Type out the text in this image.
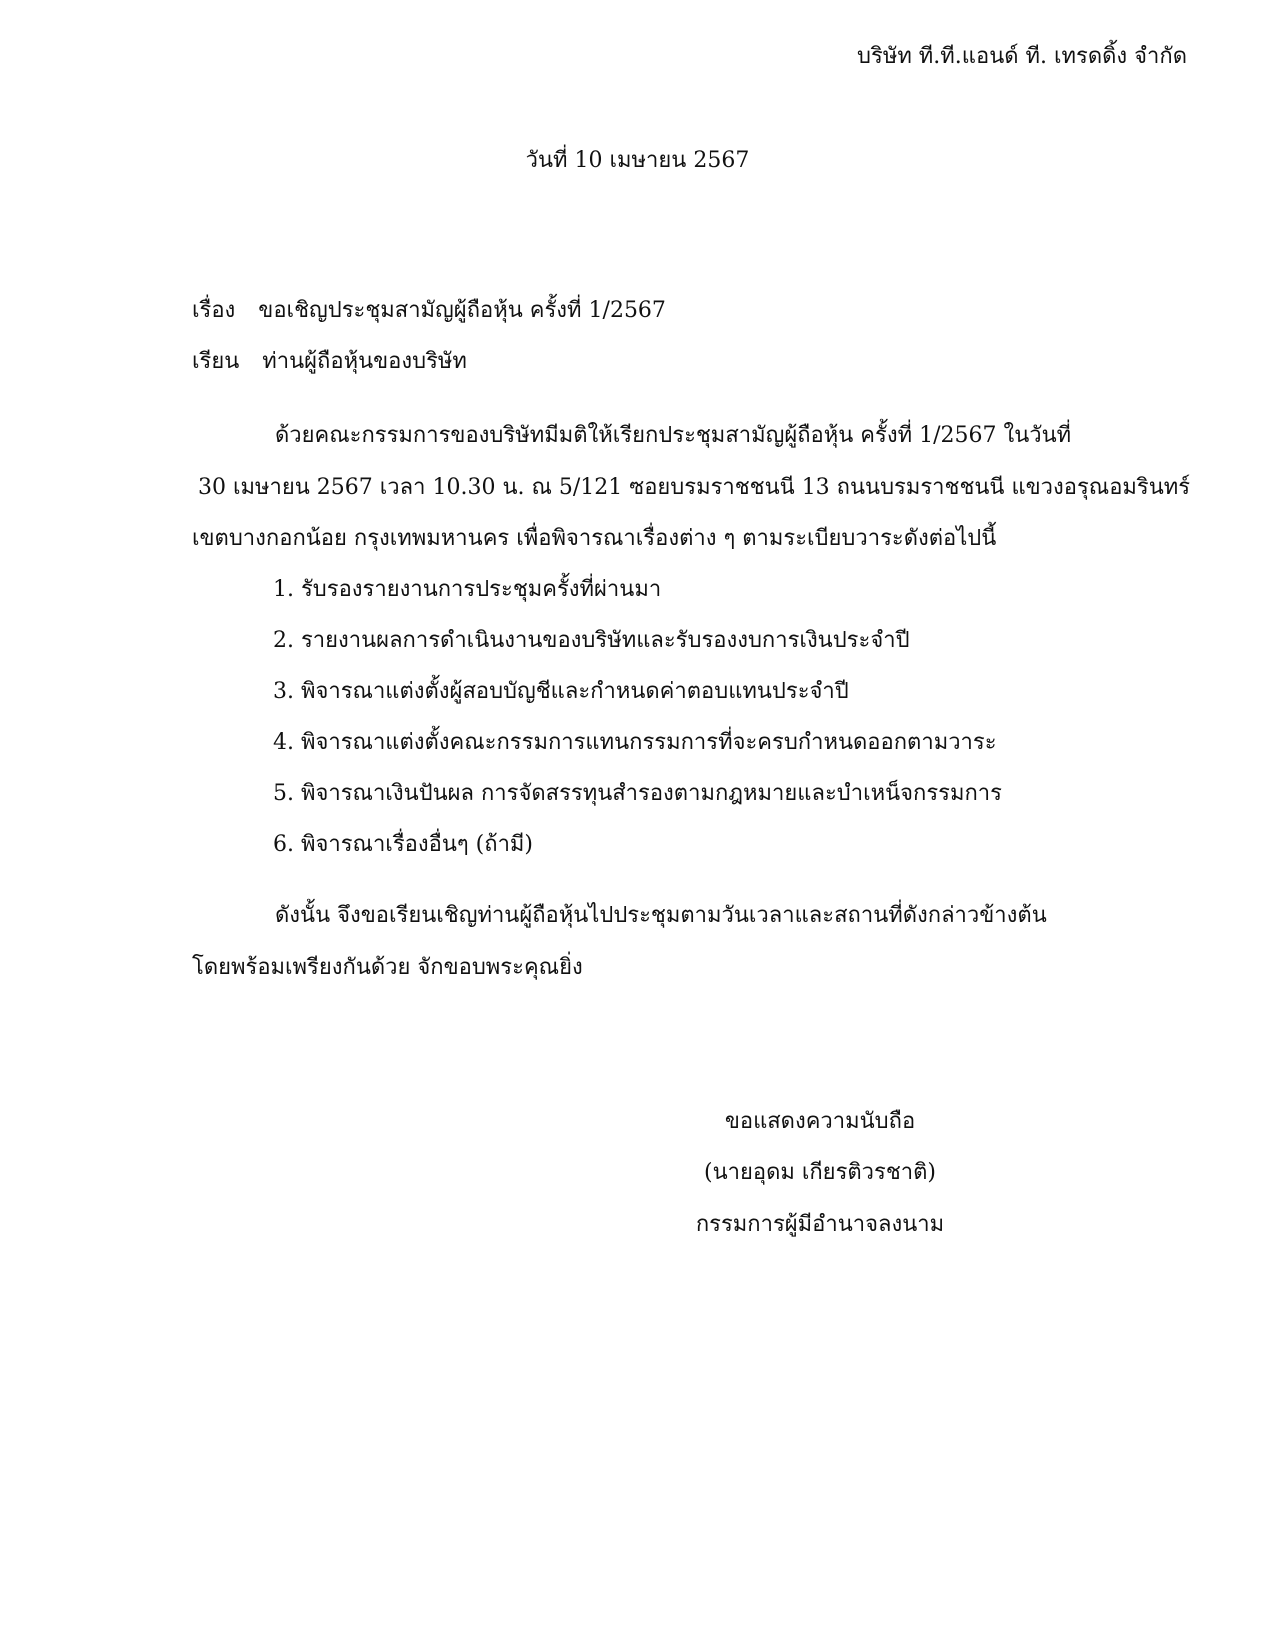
บริษัท ที.ที.แอนด์ ที. เทรดดิ้ง จำกัด
วันที่ 10 เมษายน 2567
เรื่อง ขอเชิญประชุมสามัญผู้ถือหุ้น ครั้งที่ 1/2567
เรียน ท่านผู้ถือหุ้นของบริษัท
ด้วยคณะกรรมการของบริษัทมีมติให้เรียกประชุมสามัญผู้ถือหุ้น ครั้งที่ 1/2567 ในวันที่
30 เมษายน 2567 เวลา 10.30 น. ณ 5/121 ซอยบรมราชชนนี 13 ถนนบรมราชชนนี แขวงอรุณอมรินทร์
เขตบางกอกน้อย กรุงเทพมหานคร เพื่อพิจารณาเรื่องต่าง ๆ ตามระเบียบวาระดังต่อไปนี้
1. รับรองรายงานการประชุมครั้งที่ผ่านมา
2. รายงานผลการดำเนินงานของบริษัทและรับรองงบการเงินประจำปี
3. พิจารณาแต่งตั้งผู้สอบบัญชีและกำหนดค่าตอบแทนประจำปี
4. พิจารณาแต่งตั้งคณะกรรมการแทนกรรมการที่จะครบกำหนดออกตามวาระ
5. พิจารณาเงินปันผล การจัดสรรทุนสำรองตามกฎหมายและบำเหน็จกรรมการ
6. พิจารณาเรื่องอื่นๆ (ถ้ามี)
ดังนั้น จึงขอเรียนเชิญท่านผู้ถือหุ้นไปประชุมตามวันเวลาและสถานที่ดังกล่าวข้างต้น
โดยพร้อมเพรียงกันด้วย จักขอบพระคุณยิ่ง
ขอแสดงความนับถือ
(นายอุดม เกียรติวรชาติ)
กรรมการผู้มีอำนาจลงนาม
